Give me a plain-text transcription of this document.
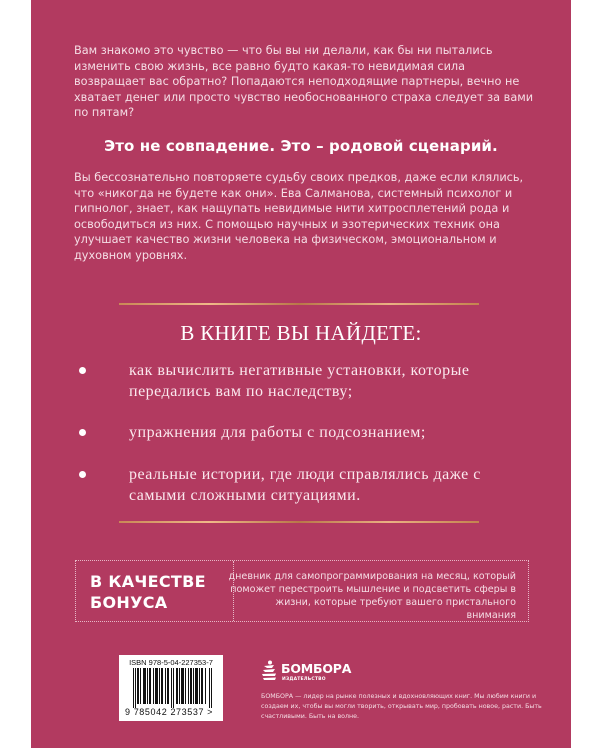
Вам знакомо это чувство — что бы вы ни делали, как бы ни пытались изменить свою жизнь, все равно будто какая-то невидимая сила возвращает вас обратно? Попадаются неподходящие партнеры, вечно не хватает денег или просто чувство необоснованного страха следует за вами по пятам?
Это не совпадение. Это – родовой сценарий.
Вы бессознательно повторяете судьбу своих предков, даже если клялись, что «никогда не будете как они». Ева Салманова, системный психолог и гипнолог, знает, как нащупать невидимые нити хитросплетений рода и освободиться из них. С помощью научных и эзотерических техник она улучшает качество жизни человека на физическом, эмоциональном и духовном уровнях.
В КНИГЕ ВЫ НАЙДЕТЕ:
как вычислить негативные установки, которые передались вам по наследству;
упражнения для работы с подсознанием;
реальные истории, где люди справлялись даже с самыми сложными ситуациями.
В КАЧЕСТВЕ БОНУСА
дневник для самопрограммирования на месяц, который поможет перестроить мышление и подсветить сферы в жизни, которые требуют вашего пристального внимания
ISBN 978-5-04-227353-7
9 785042 273537 >
БОМБОРА
ИЗДАТЕЛЬСТВО
БОМБОРА — лидер на рынке полезных и вдохновляющих книг. Мы любим книги и создаем их, чтобы вы могли творить, открывать мир, пробовать новое, расти. Быть счастливыми. Быть на волне.
